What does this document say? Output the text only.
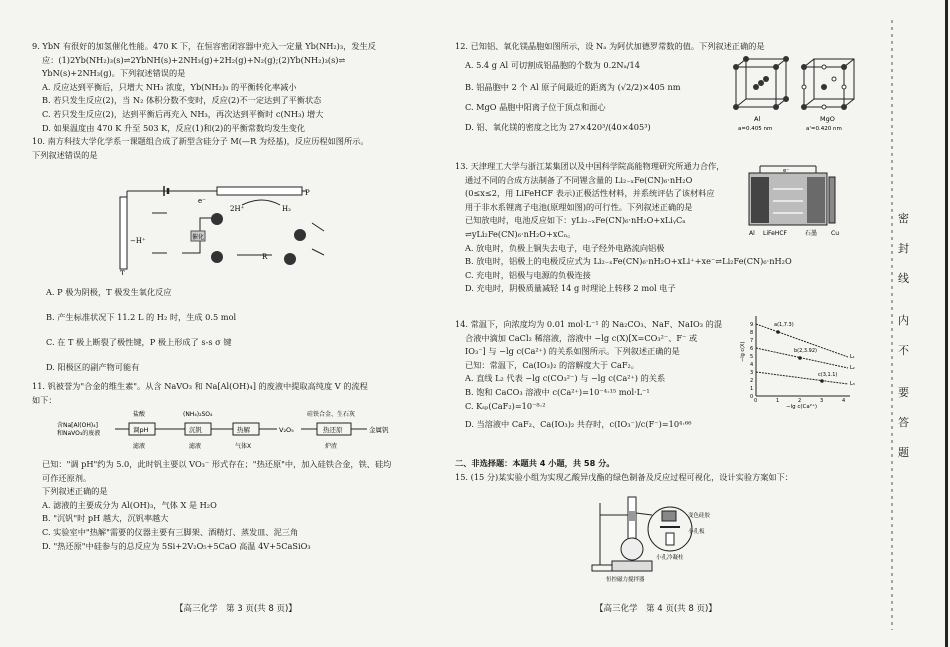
9. YbN 有很好的加氢催化性能。470 K 下，在恒容密闭容器中充入一定量 Yb(NH₂)₃，发生反

应：(1)2Yb(NH₂)₃(s)⇌2YbNH(s)+2NH₃(g)+2H₂(g)+N₂(g);(2)Yb(NH₂)₃(s)⇌

YbN(s)+2NH₃(g)。下列叙述错误的是

A. 反应达到平衡后，只增大 NH₃ 浓度，Yb(NH₂)₃ 的平衡转化率减小

B. 若只发生反应(2)，当 N₂ 体积分数不变时，反应(2)不一定达到了平衡状态

C. 若只发生反应(2)，达到平衡后再充入 NH₃，再次达到平衡时 c(NH₃) 增大

D. 如果温度由 470 K 升至 503 K，反应(1)和(2)的平衡常数均发生变化

10. 南方科技大学化学系一课题组合成了新型含硅分子 M(—R 为烃基)，反应历程如图所示。

下列叙述错误的是

P
T
e⁻
2H⁺	H₂
−H⁺	催化
R

A. P 极为阴极，T 极发生氧化反应

B. 产生标准状况下 11.2 L 的 H₂ 时，生成 0.5 mol

C. 在 T 极上断裂了极性键，P 极上形成了 s-s σ 键

D. 阳极区的副产物可能有

11. 钒被誉为"合金的维生素"。从含 NaVO₃ 和 Na[Al(OH)₄] 的废液中提取高纯度 V 的流程

如下：

含Na[Al(OH)₄]
和NaVO₃的废液	调pH
盐酸
滤液
沉钒
(NH₄)₂SO₄
滤液
热解
气体X
V₂O₅	热还原
硅铁合金、生石灰
炉渣
金属钒

已知："调 pH"约为 5.0，此时钒主要以 VO₃⁻ 形式存在；"热还原"中，加入硅铁合金，铁、硅均

可作还原剂。

下列叙述正确的是

A. 滤液的主要成分为 Al(OH)₃，气体 X 是 H₂O

B. "沉钒"时 pH 越大，沉钒率越大

C. 实验室中"热解"需要的仪器主要有三脚架、酒精灯、蒸发皿、泥三角

D. "热还原"中硅参与的总反应为 5Si+2V₂O₅+5CaO 高温 4V+5CaSiO₃

【高三化学　第 3 页(共 8 页)】

12. 已知铝、氧化镁晶胞如图所示，设 Nₐ 为阿伏加德罗常数的值。下列叙述正确的是

A. 5.4 g Al 可切割成铝晶胞的个数为 0.2Nₐ/14

B. 铝晶胞中 2 个 Al 原子间最近的距离为 (√2/2)×405 nm

C. MgO 晶胞中阳离子位于顶点和面心

D. 铝、氧化镁的密度之比为 27×420³/(40×405³)

Al
a=0.405 nm
MgO
a'=0.420 nm

13. 天津理工大学与浙江某集团以及中国科学院高能物理研究所通力合作，

通过不同的合成方法制备了不同锂含量的 Li₂₋ₓFe(CN)₆·nH₂O

(0≤x≤2，用 LiFeHCF 表示)正极活性材料，并系统评估了该材料应

用于非水系锂离子电池(原理如图)的可行性。下列叙述正确的是

已知放电时，电池反应如下：yLi₂₋ₓFe(CN)₆·nH₂O+xLiᵧCₙ

⇌yLi₂Fe(CN)₆·nH₂O+xCₙ。

A. 放电时，负极上铜失去电子，电子经外电路流向铝极

B. 放电时，铝极上的电极反应式为 Li₂₋ₓFe(CN)₆·nH₂O+xLi⁺+xe⁻⇌Li₂Fe(CN)₆·nH₂O

C. 充电时，铝极与电源的负极连接

D. 充电时，阴极质量减轻 14 g 时理论上转移 2 mol 电子

e⁻
Al LiFeHCF	石墨 Cu

14. 常温下，向浓度均为 0.01 mol·L⁻¹ 的 Na₂CO₃、NaF、NaIO₃ 的混

合液中滴加 CaCl₂ 稀溶液，溶液中 −lg c(X)[X=CO₃²⁻、F⁻ 或

IO₃⁻] 与 −lg c(Ca²⁺) 的关系如图所示。下列叙述正确的是

已知：常温下，Ca(IO₃)₂ 的溶解度大于 CaF₂。

A. 直线 L₂ 代表 −lg c(CO₃²⁻) 与 −lg c(Ca²⁺) 的关系

B. 饱和 CaCO₃ 溶液中 c(Ca²⁺)=10⁻⁴·¹⁵ mol·L⁻¹

C. Kₛₚ(CaF₂)=10⁻⁸·²

D. 当溶液中 CaF₂、Ca(IO₃)₂ 共存时，c(IO₃⁻)/c(F⁻)=10⁴·⁶⁶

−lg c(X)
−lg c(Ca²⁺)
0
1
2
3
4
5
6
7
8
9
0	1	2	3	4
a(1,7.3)
b(2,3.92)
c(3,1.1)
L₁
L₂
L₃

二、非选择题：本题共 4 小题，共 58 分。

15. (15 分)某实验小组为实现乙酸异戊酯的绿色制备及反应过程可视化，设计实验方案如下：

恒控磁力搅拌器
变色硅胶
小孔板
小孔冷凝柱
【高三化学　第 4 页(共 8 页)】
密
封
线
内
不
要
答
题
